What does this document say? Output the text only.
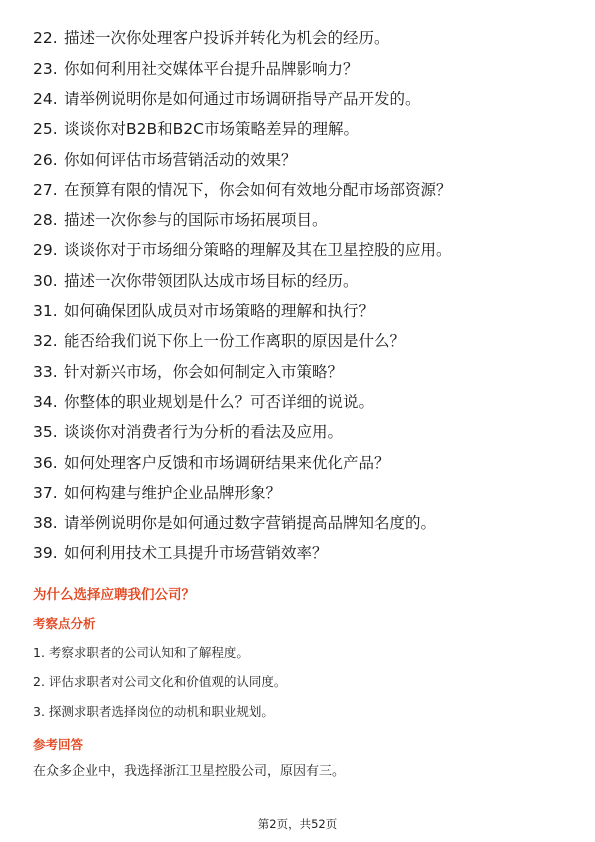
22. 描述一次你处理客户投诉并转化为机会的经历。
23. 你如何利用社交媒体平台提升品牌影响力？
24. 请举例说明你是如何通过市场调研指导产品开发的。
25. 谈谈你对B2B和B2C市场策略差异的理解。
26. 你如何评估市场营销活动的效果？
27. 在预算有限的情况下，你会如何有效地分配市场部资源？
28. 描述一次你参与的国际市场拓展项目。
29. 谈谈你对于市场细分策略的理解及其在卫星控股的应用。
30. 描述一次你带领团队达成市场目标的经历。
31. 如何确保团队成员对市场策略的理解和执行？
32. 能否给我们说下你上一份工作离职的原因是什么？
33. 针对新兴市场，你会如何制定入市策略？
34. 你整体的职业规划是什么？可否详细的说说。
35. 谈谈你对消费者行为分析的看法及应用。
36. 如何处理客户反馈和市场调研结果来优化产品？
37. 如何构建与维护企业品牌形象？
38. 请举例说明你是如何通过数字营销提高品牌知名度的。
39. 如何利用技术工具提升市场营销效率？
为什么选择应聘我们公司？
考察点分析
1. 考察求职者的公司认知和了解程度。
2. 评估求职者对公司文化和价值观的认同度。
3. 探测求职者选择岗位的动机和职业规划。
参考回答
在众多企业中，我选择浙江卫星控股公司，原因有三。
第2页，共52页
